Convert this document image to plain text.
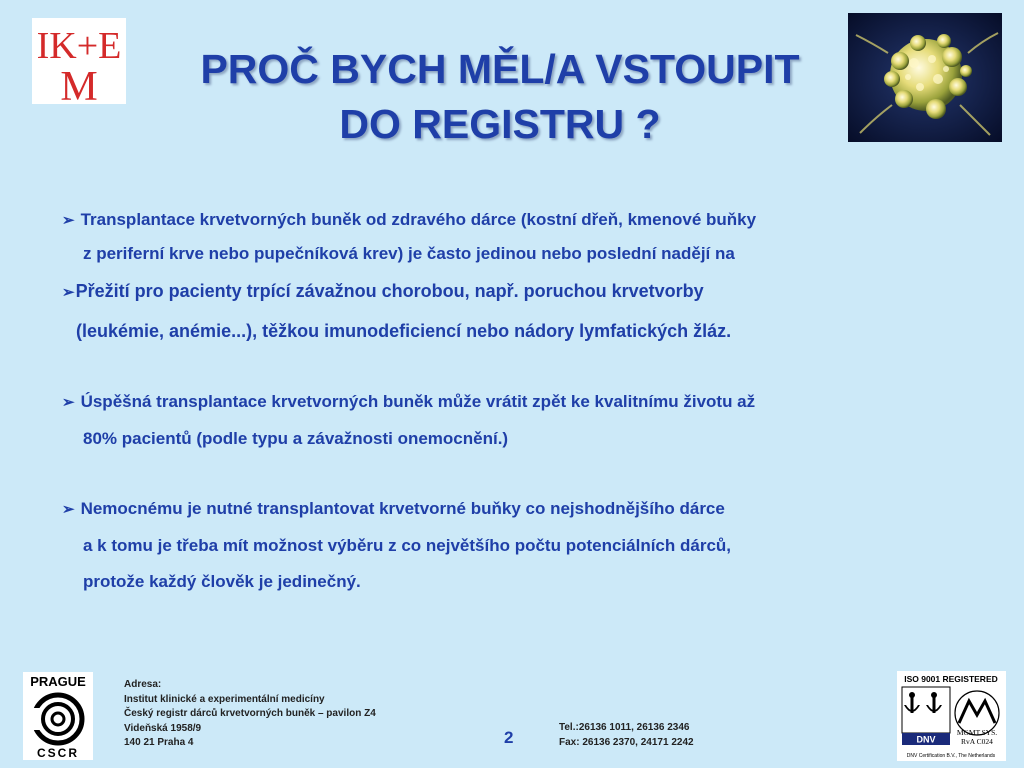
IK+E
M	PROČ BYCH MĚL/A VSTOUPIT
DO REGISTRU ?
➢ Transplantace krvetvorných buněk od zdravého dárce (kostní dřeň, kmenové buňky
z periferní krve nebo pupečníková krev) je často jedinou nebo poslední nadějí na
➢Přežití pro pacienty trpící závažnou chorobou, např. poruchou krvetvorby
(leukémie, anémie...), těžkou imunodeficiencí nebo nádory lymfatických žláz.
➢ Úspěšná transplantace krvetvorných buněk může vrátit zpět ke kvalitnímu životu až
80% pacientů (podle typu a závažnosti onemocnění.)
➢ Nemocnému je nutné transplantovat krvetvorné buňky co nejshodnějšího dárce
a k tomu je třeba mít možnost výběru z co největšího počtu potenciálních dárců,
protože každý člověk je jedinečný.
PRAGUE
CSCR
Adresa:
Institut klinické a experimentální medicíny
Český registr dárců krvetvorných buněk – pavilon Z4
Videňská 1958/9
140 21 Praha 4	2
Tel.:26136 1011, 26136 2346
Fax: 26136 2370, 24171 2242
ISO 9001 REGISTERED
DNV
MGMT.SYS.
RvA C024
DNV Certification B.V., The Netherlands
